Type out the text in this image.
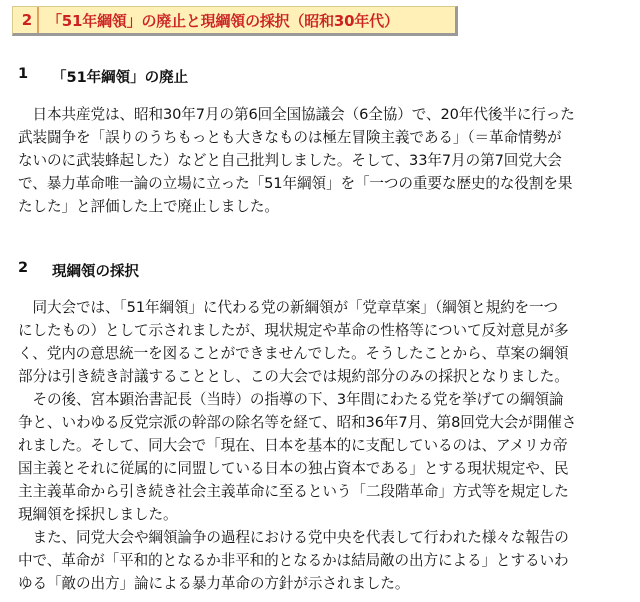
2 「51年綱領」の廃止と現綱領の採択（昭和30年代）
1	「51年綱領」の廃止

　日本共産党は、昭和30年7月の第6回全国協議会（6全協）で、20年代後半に行った
武装闘争を「誤りのうちもっとも大きなものは極左冒険主義である」（＝革命情勢が
ないのに武装蜂起した）などと自己批判しました。そして、33年7月の第7回党大会
で、暴力革命唯一論の立場に立った「51年綱領」を「一つの重要な歴史的な役割を果
たした」と評価した上で廃止しました。

2	現綱領の採択

　同大会では、「51年綱領」に代わる党の新綱領が「党章草案」（綱領と規約を一つ
にしたもの）として示されましたが、現状規定や革命の性格等について反対意見が多
く、党内の意思統一を図ることができませんでした。そうしたことから、草案の綱領
部分は引き続き討議することとし、この大会では規約部分のみの採択となりました。
　その後、宮本顕治書記長（当時）の指導の下、3年間にわたる党を挙げての綱領論
争と、いわゆる反党宗派の幹部の除名等を経て、昭和36年7月、第8回党大会が開催さ
れました。そして、同大会で「現在、日本を基本的に支配しているのは、アメリカ帝
国主義とそれに従属的に同盟している日本の独占資本である」とする現状規定や、民
主主義革命から引き続き社会主義革命に至るという「二段階革命」方式等を規定した
現綱領を採択しました。
　また、同党大会や綱領論争の過程における党中央を代表して行われた様々な報告の
中で、革命が「平和的となるか非平和的となるかは結局敵の出方による」とするいわ
ゆる「敵の出方」論による暴力革命の方針が示されました。
